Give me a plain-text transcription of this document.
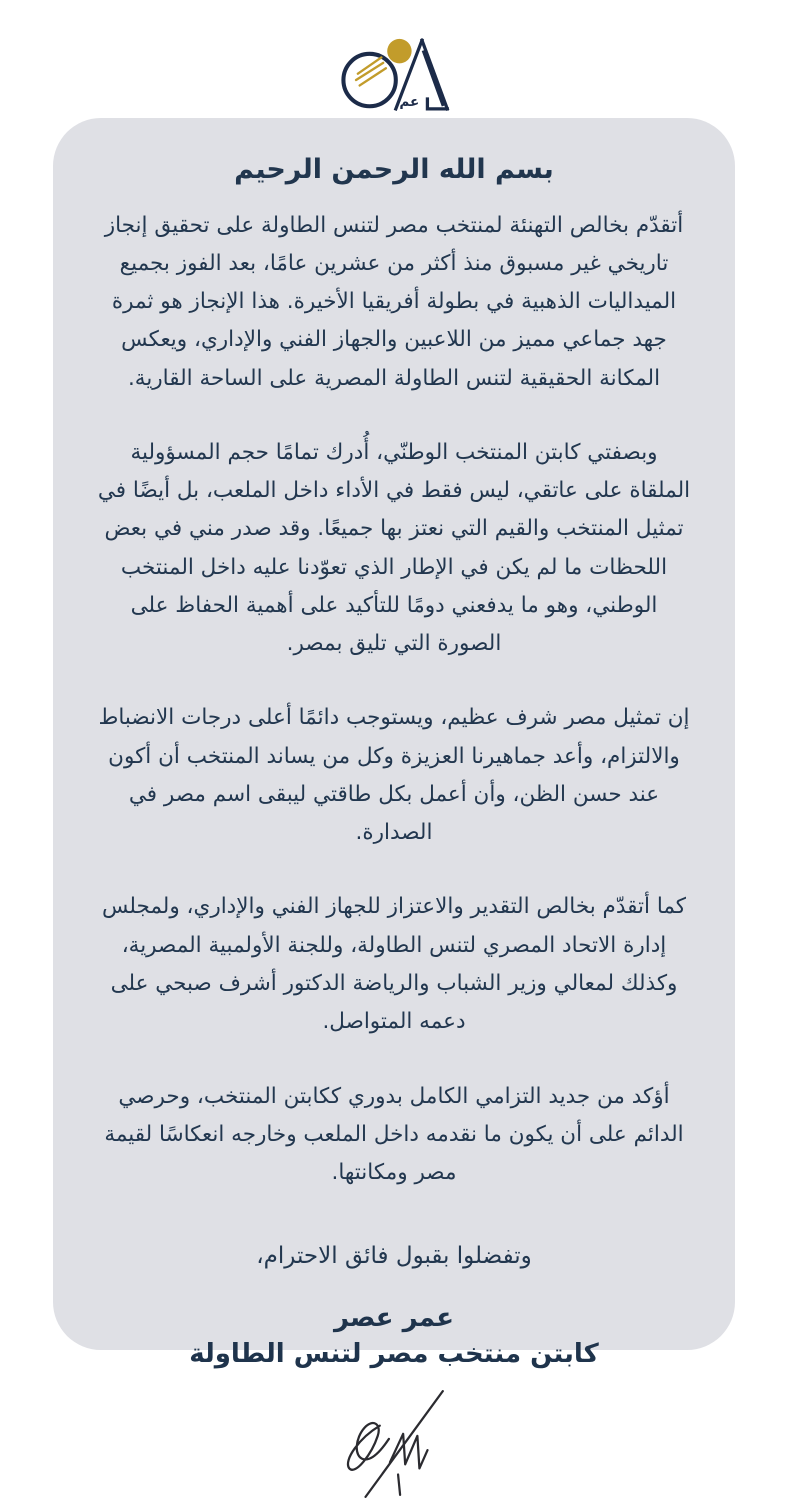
عم
بسم الله الرحمن الرحيم

أتقدّم بخالص التهنئة لمنتخب مصر لتنس الطاولة على تحقيق إنجاز تاريخي غير مسبوق منذ أكثر من عشرين عامًا، بعد الفوز بجميع الميداليات الذهبية في بطولة أفريقيا الأخيرة. هذا الإنجاز هو ثمرة جهد جماعي مميز من اللاعبين والجهاز الفني والإداري، ويعكس المكانة الحقيقية لتنس الطاولة المصرية على الساحة القارية.

وبصفتي كابتن المنتخب الوطنّي، أُدرك تمامًا حجم المسؤولية الملقاة على عاتقي، ليس فقط في الأداء داخل الملعب، بل أيضًا في تمثيل المنتخب والقيم التي نعتز بها جميعًا. وقد صدر مني في بعض اللحظات ما لم يكن في الإطار الذي تعوّدنا عليه داخل المنتخب الوطني، وهو ما يدفعني دومًا للتأكيد على أهمية الحفاظ على الصورة التي تليق بمصر.

إن تمثيل مصر شرف عظيم، ويستوجب دائمًا أعلى درجات الانضباط والالتزام، وأعد جماهيرنا العزيزة وكل من يساند المنتخب أن أكون عند حسن الظن، وأن أعمل بكل طاقتي ليبقى اسم مصر في الصدارة.

كما أتقدّم بخالص التقدير والاعتزاز للجهاز الفني والإداري، ولمجلس إدارة الاتحاد المصري لتنس الطاولة، وللجنة الأولمبية المصرية، وكذلك لمعالي وزير الشباب والرياضة الدكتور أشرف صبحي على دعمه المتواصل.

أؤكد من جديد التزامي الكامل بدوري ككابتن المنتخب، وحرصي الدائم على أن يكون ما نقدمه داخل الملعب وخارجه انعكاسًا لقيمة مصر ومكانتها.

وتفضلوا بقبول فائق الاحترام،

عمر عصر

كابتن منتخب مصر لتنس الطاولة
